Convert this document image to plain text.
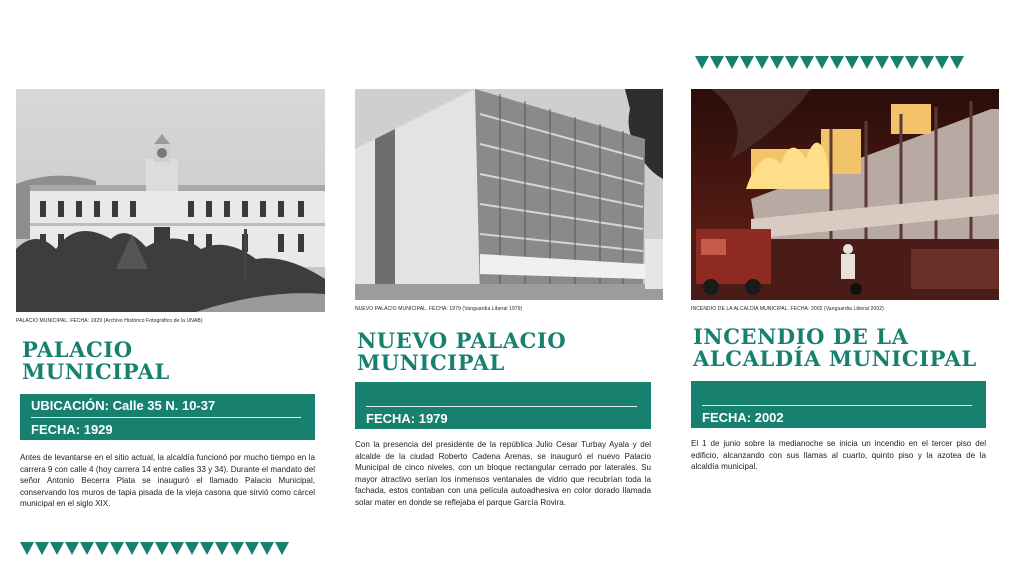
PALACIO MUNICIPAL. FECHA: 1929 (Archivo Histórico Fotográfico de la UNAB)
PALACIO
MUNICIPAL
UBICACIÓN: Calle 35 N. 10-37
FECHA: 1929

Antes de levantarse en el sitio actual, la alcaldía funcionó por mucho tiempo en la carrera 9 con calle 4 (hoy carrera 14 entre calles 33 y 34). Durante el mandato del señor Antonio Becerra Plata se inauguró el llamado Palacio Municipal, conservando los muros de tapia pisada de la vieja casona que sirvió como cárcel municipal en el siglo XIX.

NUEVO PALACIO MUNICIPAL. FECHA: 1979 (Vanguardia Liberal 1979)
NUEVO PALACIO
MUNICIPAL
FECHA: 1979

Con la presencia del presidente de la república Julio Cesar Turbay Ayala y del alcalde de la ciudad Roberto Cadena Arenas, se inauguró el nuevo Palacio Municipal de cinco niveles, con un bloque rectangular cerrado por laterales. Su mayor atractivo serían los inmensos ventanales de vidrio que recubrían toda la fachada, estos contaban con una película autoadhesiva en color dorado llamada solar mater en donde se reflejaba el parque García Rovira.

INCENDIO DE LA ALCALDÍA MUNICIPAL. FECHA: 2002 (Vanguardia Liberal 2002)
INCENDIO DE LA
ALCALDÍA MUNICIPAL
FECHA: 2002

El 1 de junio sobre la medianoche se inicia un incendio en el tercer piso del edificio, alcanzando con sus llamas al cuarto, quinto piso y la azotea de la alcaldía municipal.
